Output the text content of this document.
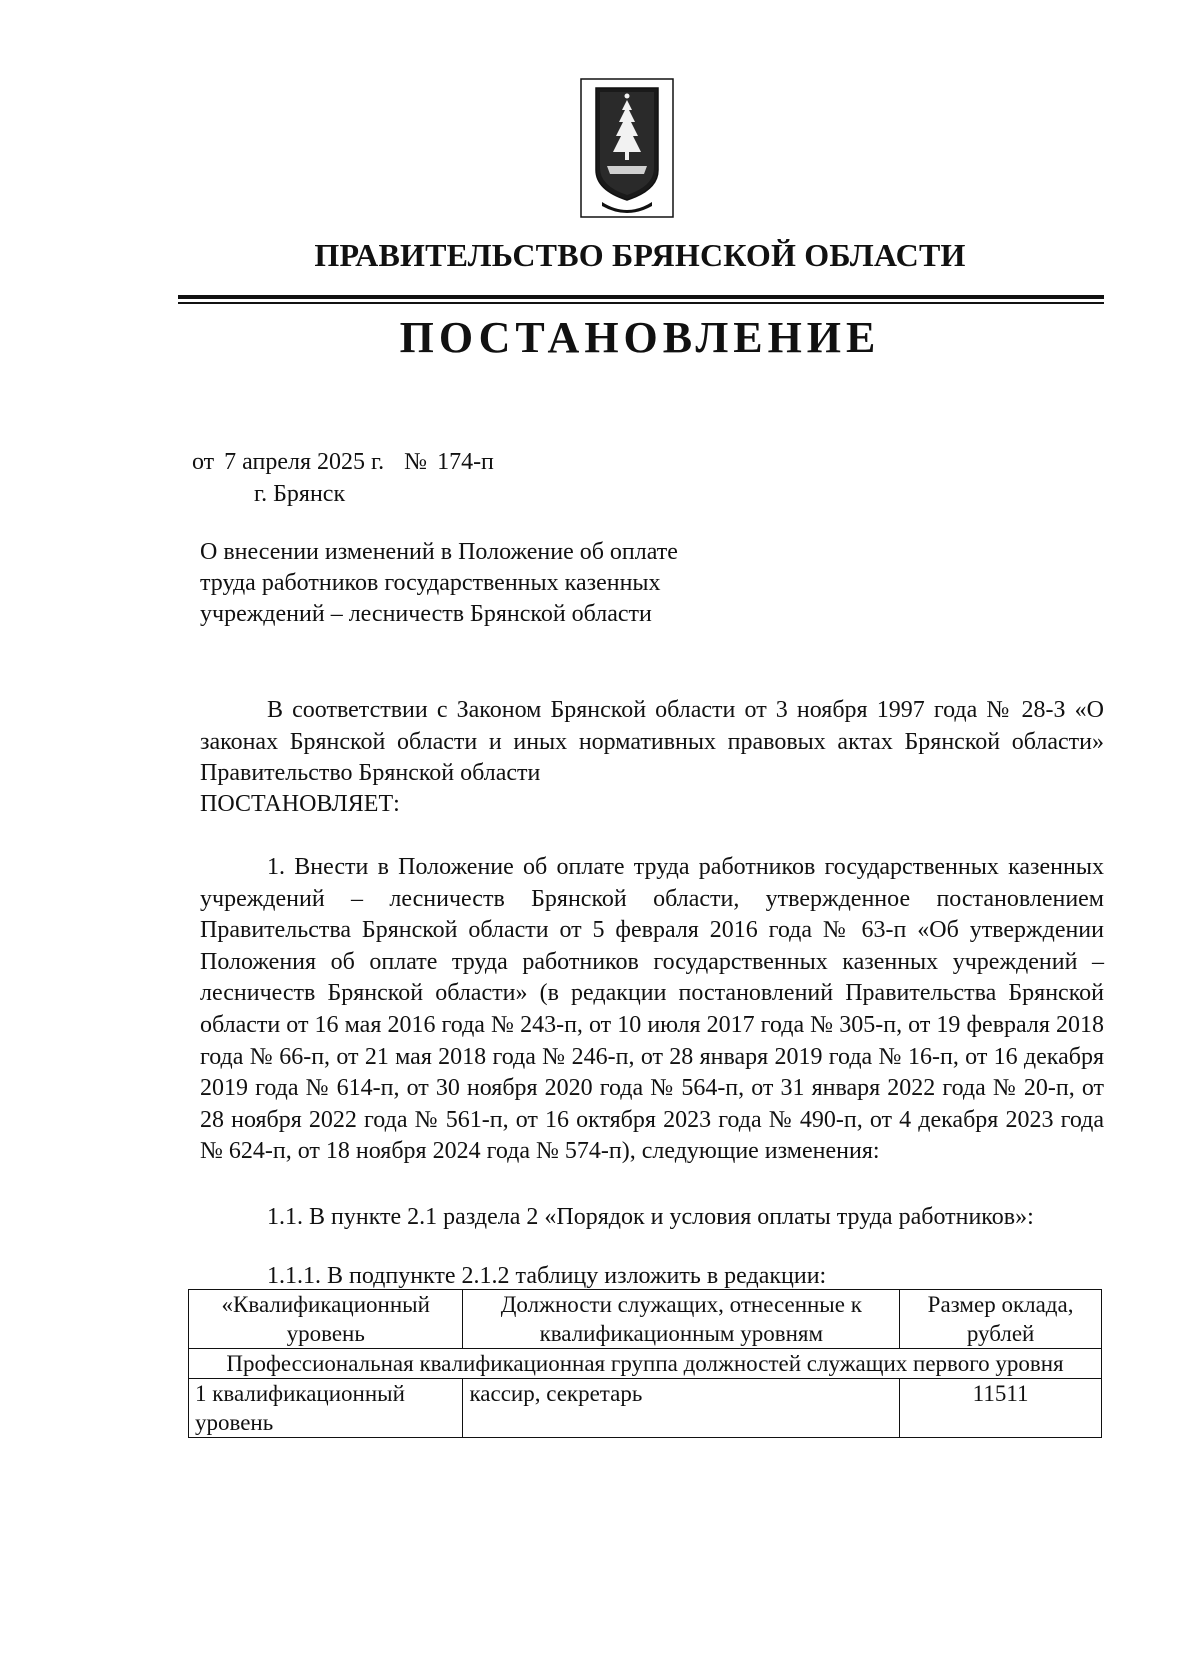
ПРАВИТЕЛЬСТВО БРЯНСКОЙ ОБЛАСТИ
ПОСТАНОВЛЕНИЕ

от 7 апреля 2025 г. № 174-п
г. Брянск

О внесении изменений в Положение об оплате
труда работников государственных казенных
учреждений – лесничеств Брянской области

В соответствии с Законом Брянской области от 3 ноября 1997 года № 28-З «О законах Брянской области и иных нормативных правовых актах Брянской области» Правительство Брянской области

ПОСТАНОВЛЯЕТ:

1. Внести в Положение об оплате труда работников государственных казенных учреждений – лесничеств Брянской области, утвержденное постановлением Правительства Брянской области от 5 февраля 2016 года № 63-п «Об утверждении Положения об оплате труда работников государственных казенных учреждений – лесничеств Брянской области» (в редакции постановлений Правительства Брянской области от 16 мая 2016 года № 243-п, от 10 июля 2017 года № 305-п, от 19 февраля 2018 года № 66-п, от 21 мая 2018 года № 246-п, от 28 января 2019 года № 16-п, от 16 декабря 2019 года № 614-п, от 30 ноября 2020 года № 564-п, от 31 января 2022 года № 20-п, от 28 ноября 2022 года № 561-п, от 16 октября 2023 года № 490-п, от 4 декабря 2023 года № 624-п, от 18 ноября 2024 года № 574-п), следующие изменения:

1.1. В пункте 2.1 раздела 2 «Порядок и условия оплаты труда работников»:

1.1.1. В подпункте 2.1.2 таблицу изложить в редакции:

«Квалификационный уровень	Должности служащих, отнесенные к квалификационным уровням	Размер оклада, рублей
Профессиональная квалификационная группа должностей служащих первого уровня		
1 квалификационный уровень	кассир, секретарь	11511
